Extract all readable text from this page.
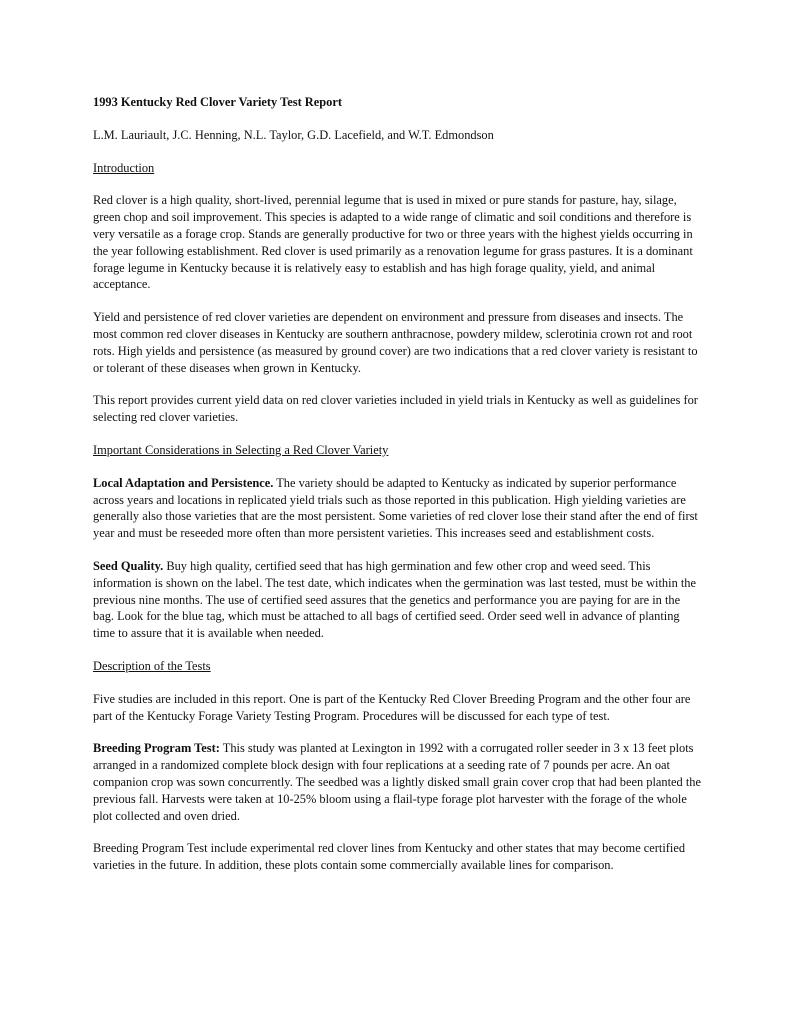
1993 Kentucky Red Clover Variety Test Report
L.M. Lauriault, J.C. Henning, N.L. Taylor, G.D. Lacefield, and W.T. Edmondson
Introduction

Red clover is a high quality, short-lived, perennial legume that is used in mixed or pure stands for pasture, hay, silage, green chop and soil improvement. This species is adapted to a wide range of climatic and soil conditions and therefore is very versatile as a forage crop. Stands are generally productive for two or three years with the highest yields occurring in the year following establishment. Red clover is used primarily as a renovation legume for grass pastures. It is a dominant forage legume in Kentucky because it is relatively easy to establish and has high forage quality, yield, and animal acceptance.

Yield and persistence of red clover varieties are dependent on environment and pressure from diseases and insects. The most common red clover diseases in Kentucky are southern anthracnose, powdery mildew, sclerotinia crown rot and root rots. High yields and persistence (as measured by ground cover) are two indications that a red clover variety is resistant to or tolerant of these diseases when grown in Kentucky.

This report provides current yield data on red clover varieties included in yield trials in Kentucky as well as guidelines for selecting red clover varieties.

Important Considerations in Selecting a Red Clover Variety

Local Adaptation and Persistence. The variety should be adapted to Kentucky as indicated by superior performance across years and locations in replicated yield trials such as those reported in this publication. High yielding varieties are generally also those varieties that are the most persistent. Some varieties of red clover lose their stand after the end of first year and must be reseeded more often than more persistent varieties. This increases seed and establishment costs.

Seed Quality. Buy high quality, certified seed that has high germination and few other crop and weed seed. This information is shown on the label. The test date, which indicates when the germination was last tested, must be within the previous nine months. The use of certified seed assures that the genetics and performance you are paying for are in the bag. Look for the blue tag, which must be attached to all bags of certified seed. Order seed well in advance of planting time to assure that it is available when needed.

Description of the Tests

Five studies are included in this report. One is part of the Kentucky Red Clover Breeding Program and the other four are part of the Kentucky Forage Variety Testing Program. Procedures will be discussed for each type of test.

Breeding Program Test: This study was planted at Lexington in 1992 with a corrugated roller seeder in 3 x 13 feet plots arranged in a randomized complete block design with four replications at a seeding rate of 7 pounds per acre. An oat companion crop was sown concurrently. The seedbed was a lightly disked small grain cover crop that had been planted the previous fall. Harvests were taken at 10-25% bloom using a flail-type forage plot harvester with the forage of the whole plot collected and oven dried.

Breeding Program Test include experimental red clover lines from Kentucky and other states that may become certified varieties in the future. In addition, these plots contain some commercially available lines for comparison.
